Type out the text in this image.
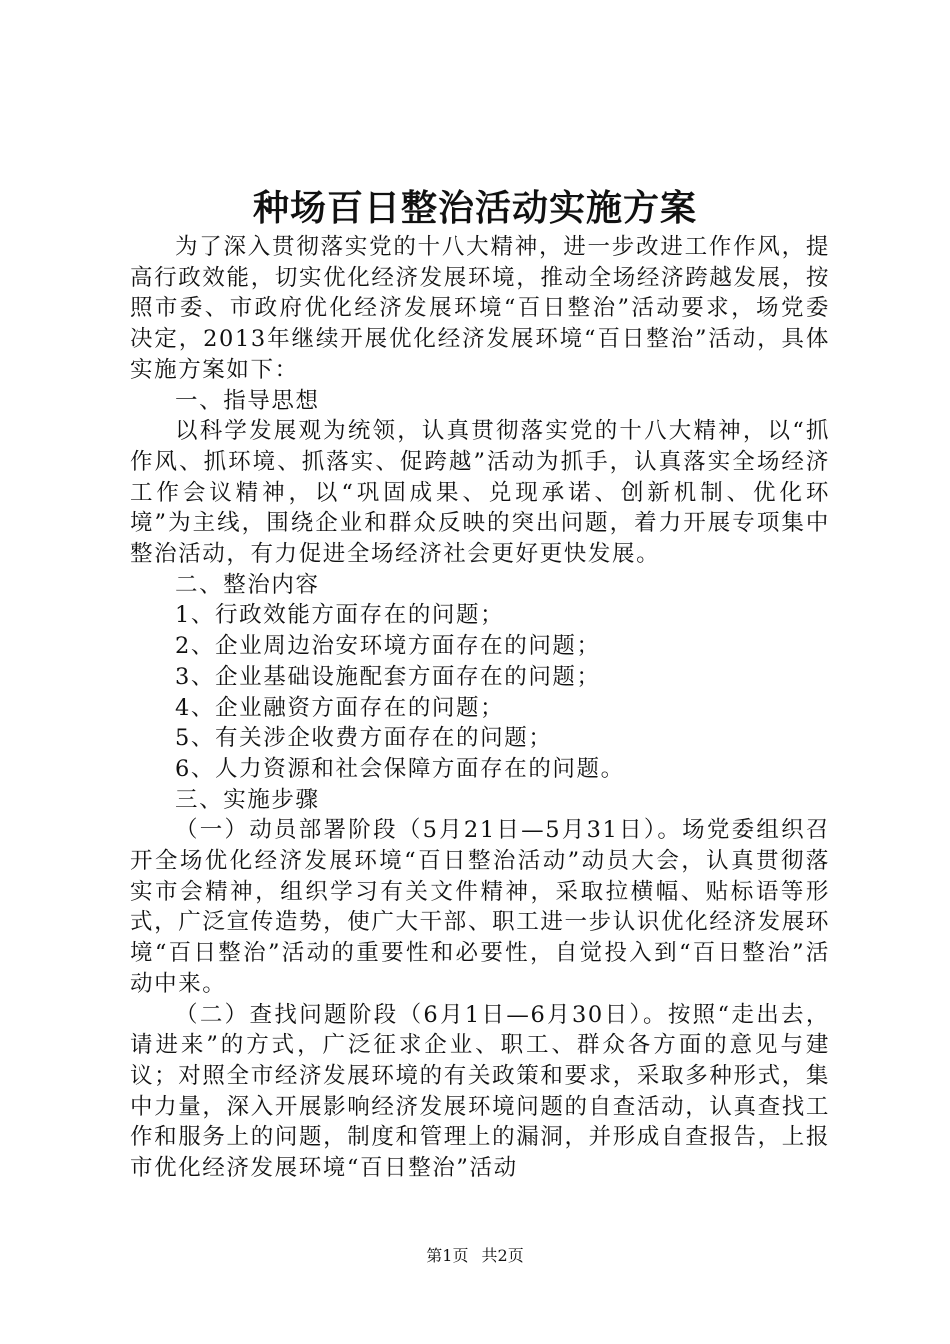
种场百日整治活动实施方案

为了深入贯彻落实党的十八大精神，进一步改进工作作风，提高行政效能，切实优化经济发展环境，推动全场经济跨越发展，按照市委、市政府优化经济发展环境“百日整治”活动要求，场党委决定，2013年继续开展优化经济发展环境“百日整治”活动，具体实施方案如下：

一、指导思想

以科学发展观为统领，认真贯彻落实党的十八大精神，以“抓作风、抓环境、抓落实、促跨越”活动为抓手，认真落实全场经济工作会议精神，以“巩固成果、兑现承诺、创新机制、优化环境”为主线，围绕企业和群众反映的突出问题，着力开展专项集中整治活动，有力促进全场经济社会更好更快发展。

二、整治内容

1、行政效能方面存在的问题；

2、企业周边治安环境方面存在的问题；

3、企业基础设施配套方面存在的问题；

4、企业融资方面存在的问题；

5、有关涉企收费方面存在的问题；

6、人力资源和社会保障方面存在的问题。

三、实施步骤

（一）动员部署阶段（5月21日—5月31日）。场党委组织召开全场优化经济发展环境“百日整治活动”动员大会，认真贯彻落实市会精神，组织学习有关文件精神，采取拉横幅、贴标语等形式，广泛宣传造势，使广大干部、职工进一步认识优化经济发展环境“百日整治”活动的重要性和必要性，自觉投入到“百日整治”活动中来。

（二）查找问题阶段（6月1日—6月30日）。按照“走出去，请进来”的方式，广泛征求企业、职工、群众各方面的意见与建议；对照全市经济发展环境的有关政策和要求，采取多种形式，集中力量，深入开展影响经济发展环境问题的自查活动，认真查找工作和服务上的问题，制度和管理上的漏洞，并形成自查报告，上报市优化经济发展环境“百日整治”活动

第1页 共2页
